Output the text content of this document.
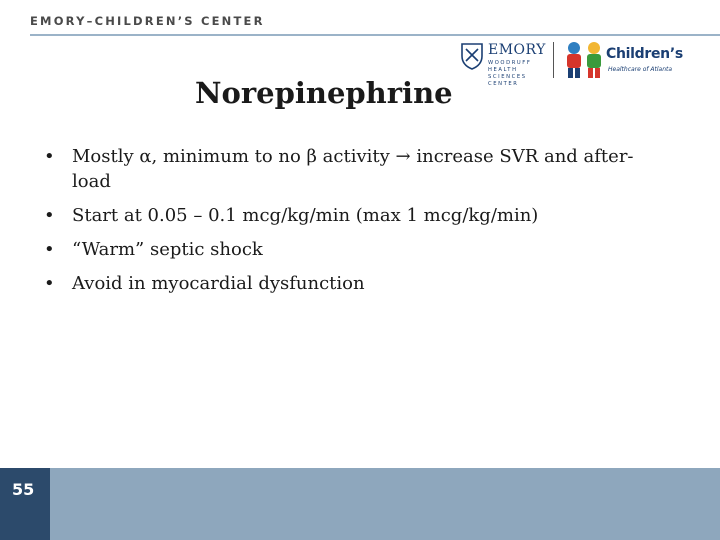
EMORY–CHILDREN’S CENTER
EMORY
WOODRUFF
HEALTH
SCIENCES
CENTER
Children’s
Healthcare of Atlanta
Norepinephrine
• Mostly α, minimum to no β activity → increase SVR and after-load
• Start at 0.05 – 0.1 mcg/kg/min (max 1 mcg/kg/min)
• “Warm” septic shock
• Avoid in myocardial dysfunction
55
